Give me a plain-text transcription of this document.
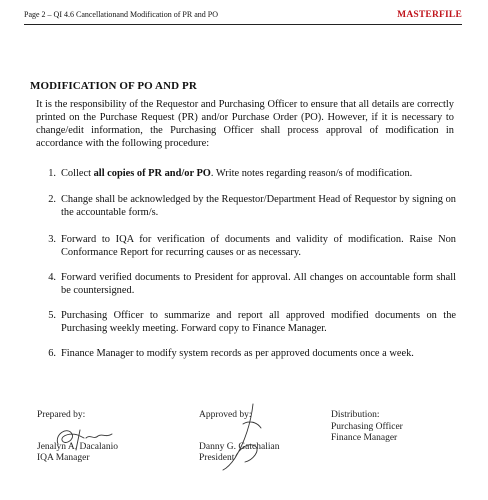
Page 2 – QI 4.6 Cancellationand Modification of PR and PO	MASTERFILE
MODIFICATION OF PO AND PR
It is the responsibility of the Requestor and Purchasing Officer to ensure that all details are correctly printed on the Purchase Request (PR) and/or Purchase Order (PO). However, if it is necessary to change/edit information, the Purchasing Officer shall process approval of modification in accordance with the following procedure:
1. Collect all copies of PR and/or PO. Write notes regarding reason/s of modification.
2. Change shall be acknowledged by the Requestor/Department Head of Requestor by signing on the accountable form/s.
3. Forward to IQA for verification of documents and validity of modification. Raise Non Conformance Report for recurring causes or as necessary.
4. Forward verified documents to President for approval. All changes on accountable form shall be countersigned.
5. Purchasing Officer to summarize and report all approved modified documents on the Purchasing weekly meeting. Forward copy to Finance Manager.
6. Finance Manager to modify system records as per approved documents once a week.
Prepared by:
Jenalyn A. Dacalanio
IQA Manager
Approved by:
Danny G. Gatchalian
President
Distribution:
Purchasing Officer
Finance Manager
